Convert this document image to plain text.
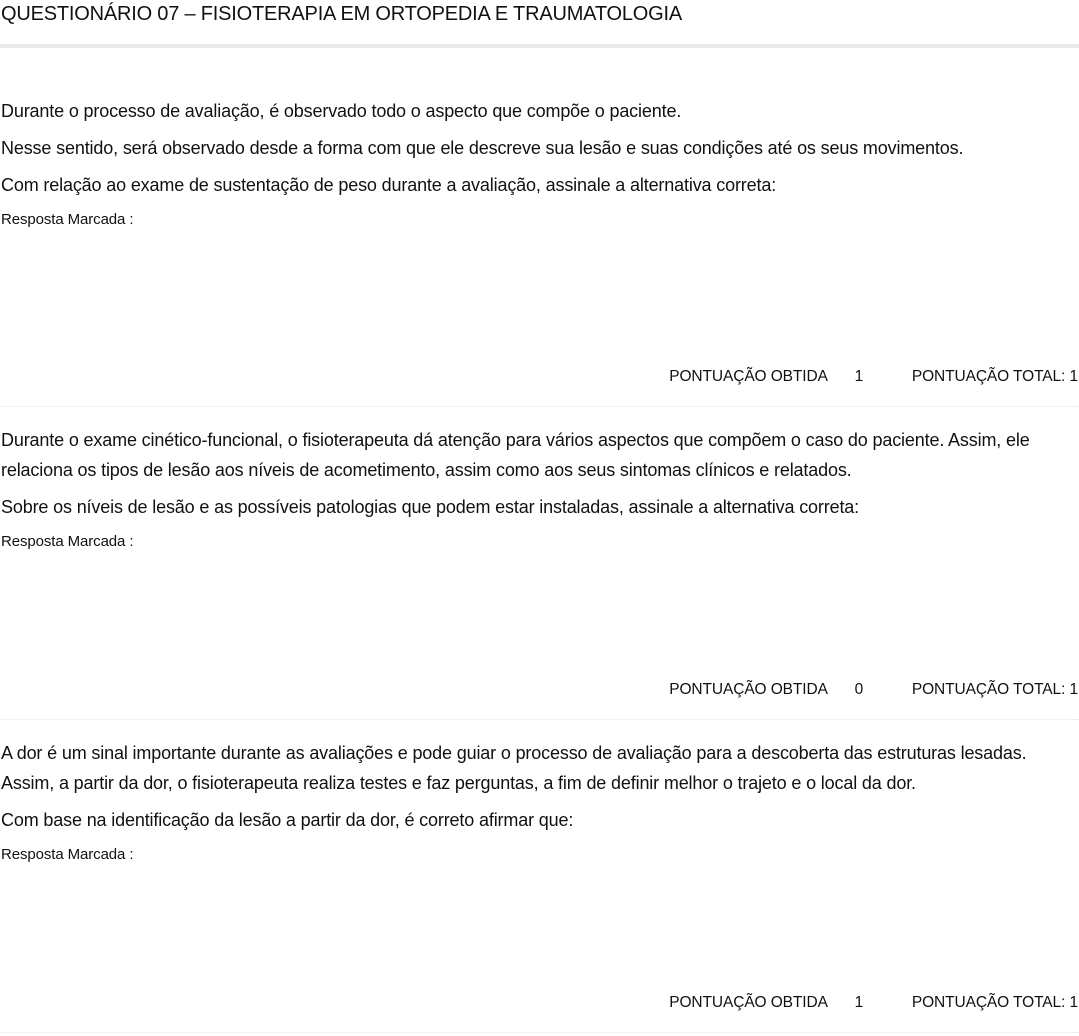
QUESTIONÁRIO 07 – FISIOTERAPIA EM ORTOPEDIA E TRAUMATOLOGIA

Durante o processo de avaliação, é observado todo o aspecto que compõe o paciente.

Nesse sentido, será observado desde a forma com que ele descreve sua lesão e suas condições até os seus movimentos.

Com relação ao exame de sustentação de peso durante a avaliação, assinale a alternativa correta:

Resposta Marcada :
PONTUAÇÃO OBTIDA 1	PONTUAÇÃO TOTAL: 1

Durante o exame cinético-funcional, o fisioterapeuta dá atenção para vários aspectos que compõem o caso do paciente. Assim, ele relaciona os tipos de lesão aos níveis de acometimento, assim como aos seus sintomas clínicos e relatados.

Sobre os níveis de lesão e as possíveis patologias que podem estar instaladas, assinale a alternativa correta:

Resposta Marcada :
PONTUAÇÃO OBTIDA 0	PONTUAÇÃO TOTAL: 1

A dor é um sinal importante durante as avaliações e pode guiar o processo de avaliação para a descoberta das estruturas lesadas. Assim, a partir da dor, o fisioterapeuta realiza testes e faz perguntas, a fim de definir melhor o trajeto e o local da dor.

Com base na identificação da lesão a partir da dor, é correto afirmar que:

Resposta Marcada :
PONTUAÇÃO OBTIDA 1	PONTUAÇÃO TOTAL: 1
